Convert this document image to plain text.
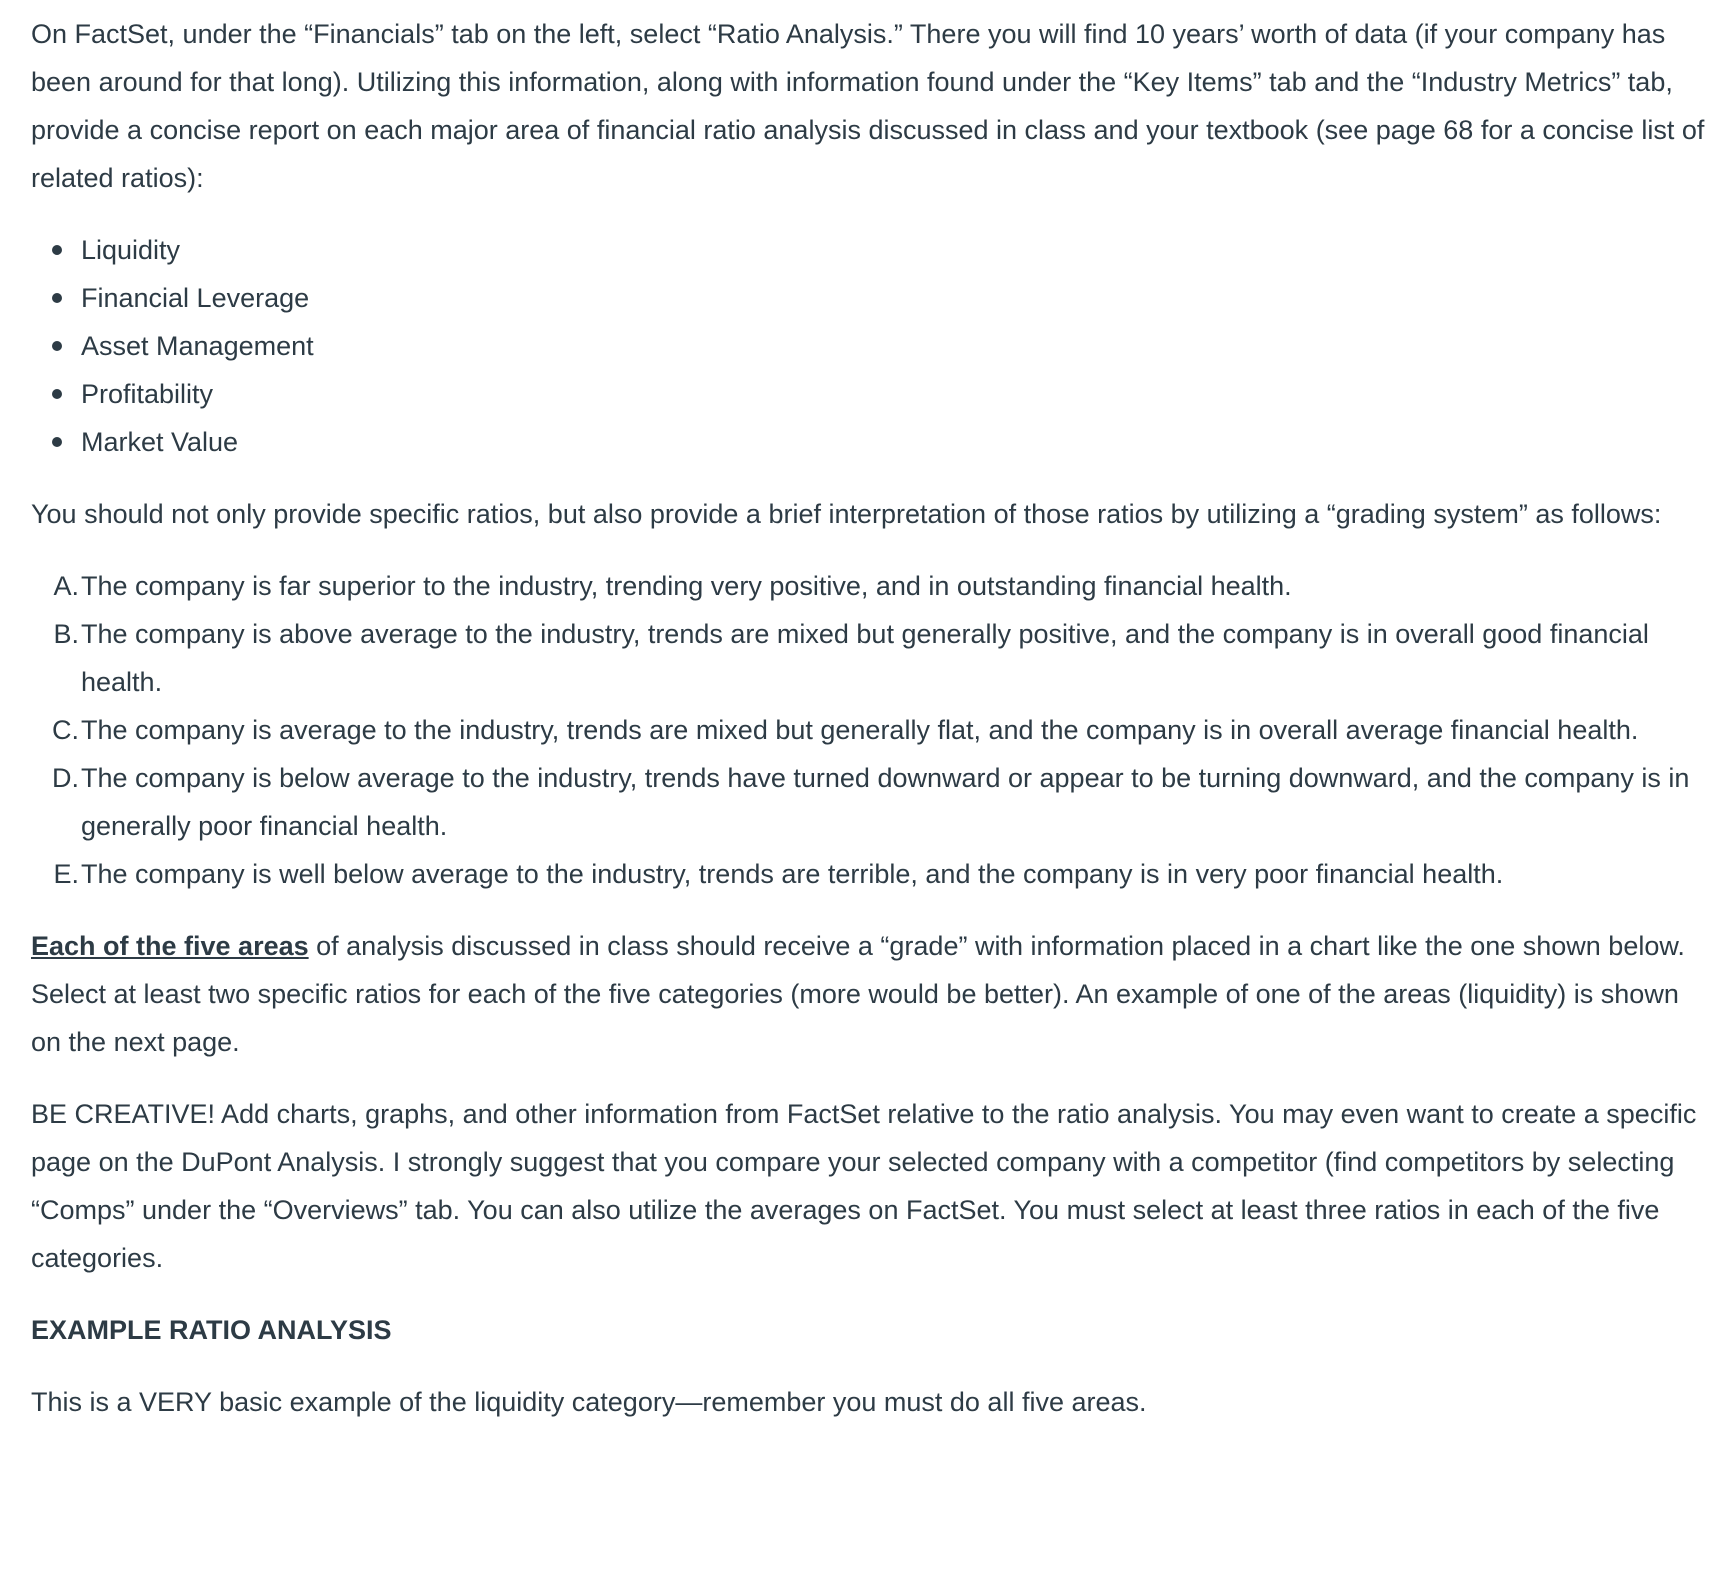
On FactSet, under the “Financials” tab on the left, select “Ratio Analysis.” There you will find 10 years’ worth of data (if your company has been around for that long). Utilizing this information, along with information found under the “Key Items” tab and the “Industry Metrics” tab, provide a concise report on each major area of financial ratio analysis discussed in class and your textbook (see page 68 for a concise list of related ratios):

Liquidity
Financial Leverage
Asset Management
Profitability
Market Value

You should not only provide specific ratios, but also provide a brief interpretation of those ratios by utilizing a “grading system” as follows:

A. The company is far superior to the industry, trending very positive, and in outstanding financial health.
B. The company is above average to the industry, trends are mixed but generally positive, and the company is in overall good financial health.
C. The company is average to the industry, trends are mixed but generally flat, and the company is in overall average financial health.
D. The company is below average to the industry, trends have turned downward or appear to be turning downward, and the company is in generally poor financial health.
E. The company is well below average to the industry, trends are terrible, and the company is in very poor financial health.

Each of the five areas of analysis discussed in class should receive a “grade” with information placed in a chart like the one shown below. Select at least two specific ratios for each of the five categories (more would be better). An example of one of the areas (liquidity) is shown on the next page.

BE CREATIVE! Add charts, graphs, and other information from FactSet relative to the ratio analysis. You may even want to create a specific page on the DuPont Analysis. I strongly suggest that you compare your selected company with a competitor (find competitors by selecting “Comps” under the “Overviews” tab. You can also utilize the averages on FactSet. You must select at least three ratios in each of the five categories.

EXAMPLE RATIO ANALYSIS

This is a VERY basic example of the liquidity category—remember you must do all five areas.
